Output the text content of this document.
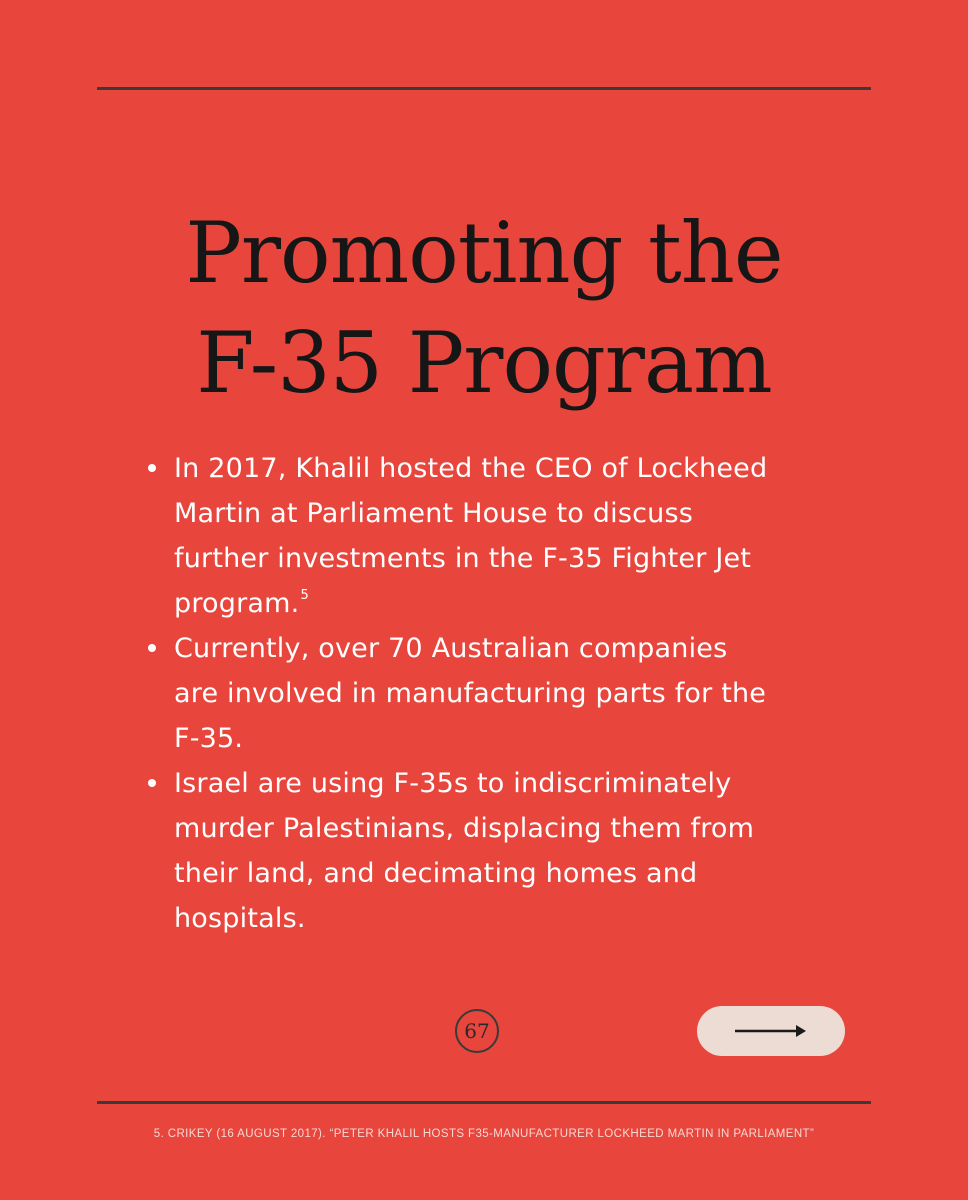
Promoting the
F-35 Program
In 2017, Khalil hosted the CEO of Lockheed
Martin at Parliament House to discuss
further investments in the F-35 Fighter Jet
program.$^5$
Currently, over 70 Australian companies
are involved in manufacturing parts for the
F-35.
Israel are using F-35s to indiscriminately
murder Palestinians, displacing them from
their land, and decimating homes and
hospitals.
67
5. CRIKEY (16 AUGUST 2017). “PETER KHALIL HOSTS F35-MANUFACTURER LOCKHEED MARTIN IN PARLIAMENT”
